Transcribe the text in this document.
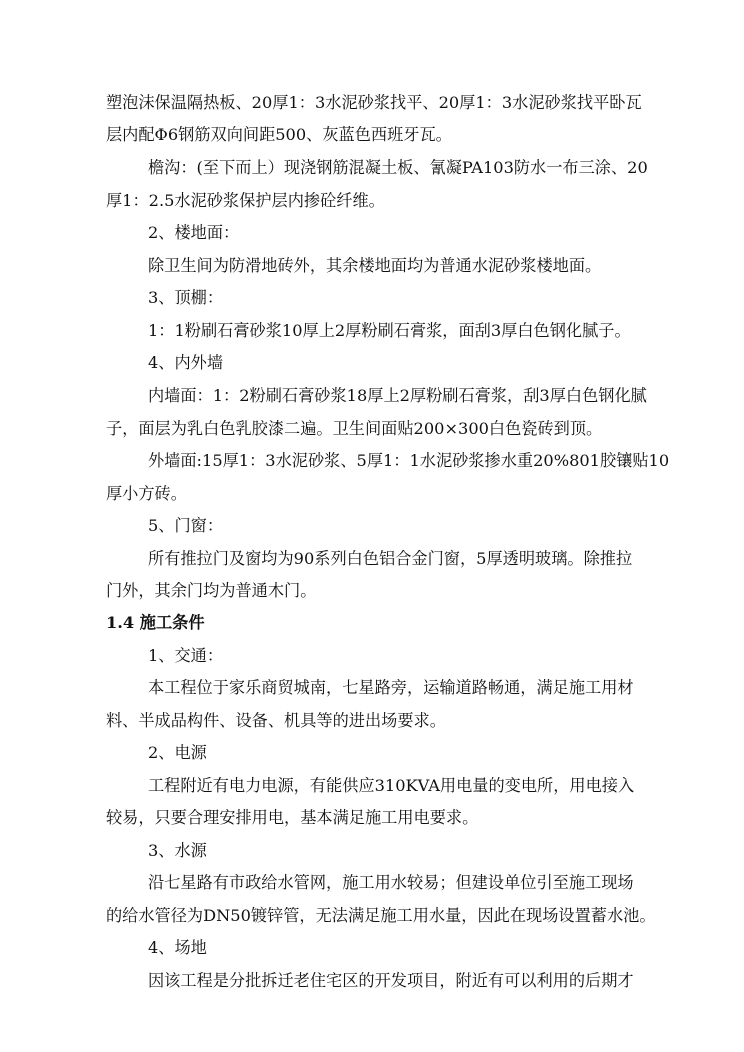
塑泡沫保温隔热板、20厚1：3水泥砂浆找平、20厚1：3水泥砂浆找平卧瓦

层内配Φ6钢筋双向间距500、灰蓝色西班牙瓦。

檐沟：(至下而上）现浇钢筋混凝土板、氰凝PA103防水一布三涂、20

厚1：2.5水泥砂浆保护层内掺砼纤维。

2、楼地面：

除卫生间为防滑地砖外，其余楼地面均为普通水泥砂浆楼地面。

3、顶棚：

1：1粉刷石膏砂浆10厚上2厚粉刷石膏浆，面刮3厚白色钢化腻子。

4、内外墙

内墙面：1：2粉刷石膏砂浆18厚上2厚粉刷石膏浆，刮3厚白色钢化腻

子，面层为乳白色乳胶漆二遍。卫生间面贴200×300白色瓷砖到顶。

外墙面:15厚1：3水泥砂浆、5厚1：1水泥砂浆掺水重20%801胶镶贴10

厚小方砖。

5、门窗：

所有推拉门及窗均为90系列白色铝合金门窗，5厚透明玻璃。除推拉

门外，其余门均为普通木门。

1.4 施工条件

1、交通：

本工程位于家乐商贸城南，七星路旁，运输道路畅通，满足施工用材

料、半成品构件、设备、机具等的进出场要求。

2、电源

工程附近有电力电源，有能供应310KVA用电量的变电所，用电接入

较易，只要合理安排用电，基本满足施工用电要求。

3、水源

沿七星路有市政给水管网，施工用水较易；但建设单位引至施工现场

的给水管径为DN50镀锌管，无法满足施工用水量，因此在现场设置蓄水池。

4、场地

因该工程是分批拆迁老住宅区的开发项目，附近有可以利用的后期才
